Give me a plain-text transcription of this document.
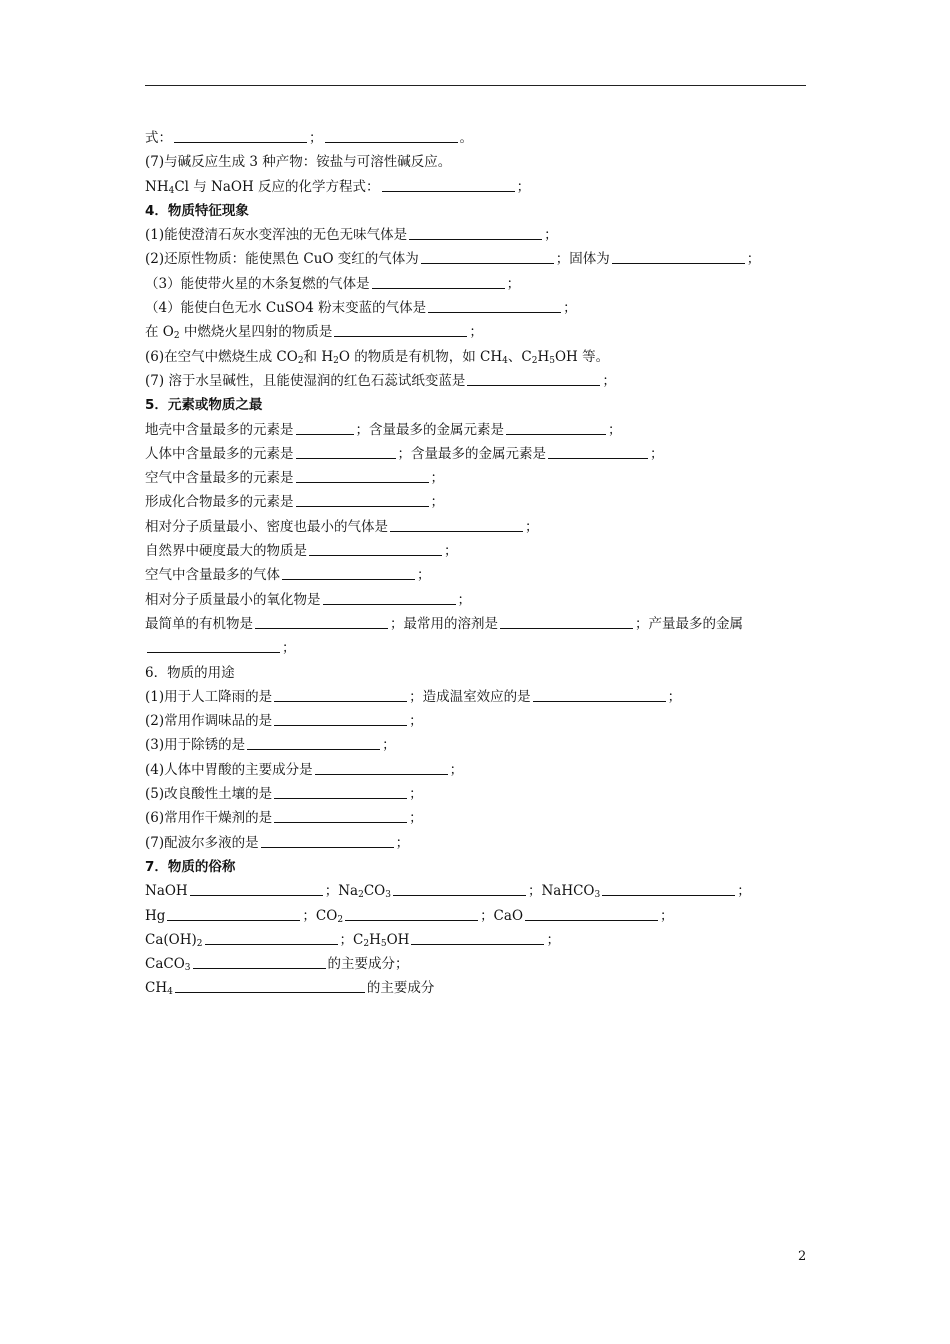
式：	；	。
(7)与碱反应生成 3 种产物：铵盐与可溶性碱反应。
$NH_4Cl$ 与 NaOH 反应的化学方程式：	；
4．物质特征现象
(1)能使澄清石灰水变浑浊的无色无味气体是	；
(2)还原性物质：能使黑色 CuO 变红的气体为	；固体为	；
（3）能使带火星的木条复燃的气体是	；
（4）能使白色无水 CuSO4 粉末变蓝的气体是	；
在 $O_2$ 中燃烧火星四射的物质是	；
(6)在空气中燃烧生成 $CO_2$和 $H_2O$ 的物质是有机物，如 $CH_4$、$C_2H_5OH$ 等。
(7) 溶于水呈碱性，且能使湿润的红色石蕊试纸变蓝是	；
5．元素或物质之最
地壳中含量最多的元素是	；含量最多的金属元素是	；
人体中含量最多的元素是	；含量最多的金属元素是	；
空气中含量最多的元素是	；
形成化合物最多的元素是	；
相对分子质量最小、密度也最小的气体是	；
自然界中硬度最大的物质是	；
空气中含量最多的气体	；
相对分子质量最小的氧化物是	；
最简单的有机物是	；最常用的溶剂是	；产量最多的金属
；
6．物质的用途
(1)用于人工降雨的是	；造成温室效应的是	；
(2)常用作调味品的是	；
(3)用于除锈的是	；
(4)人体中胃酸的主要成分是	；
(5)改良酸性土壤的是	；
(6)常用作干燥剂的是	；
(7)配波尔多液的是	；
7．物质的俗称
NaOH	；$Na_2CO_3$	；NaHCO$_3$	；
Hg	；$CO_2$	；CaO	；
$Ca(OH)_2$	；$C_2H_5OH$	；
CaCO$_3$	的主要成分；
$CH_4$	的主要成分
2
